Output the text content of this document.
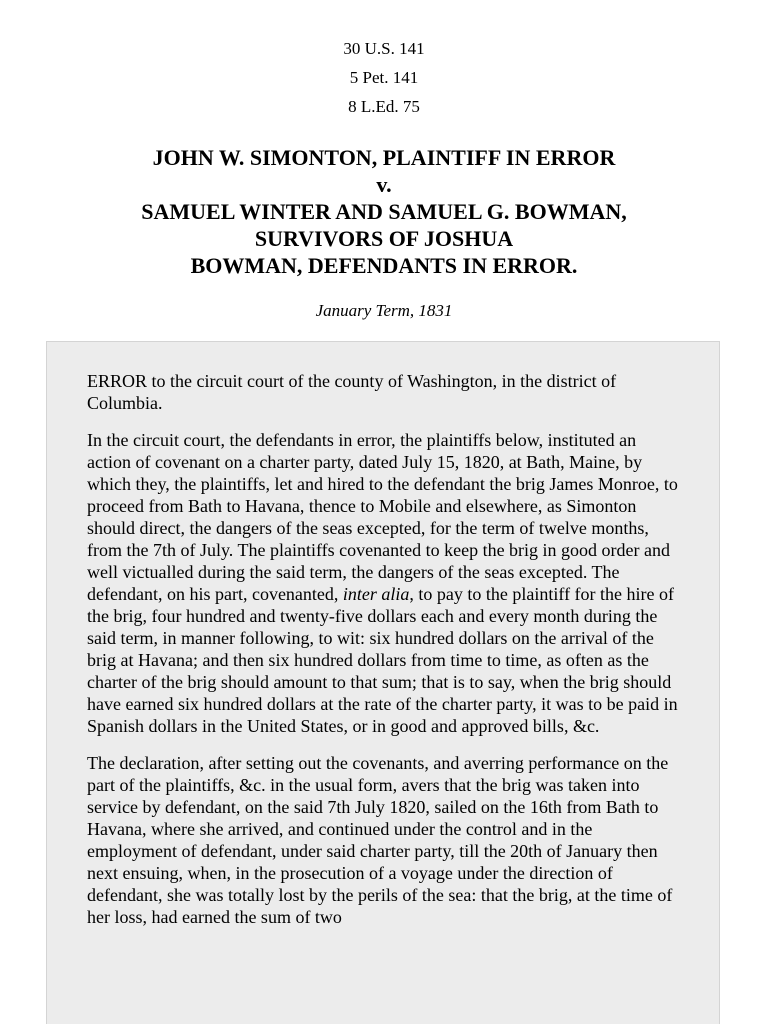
30 U.S. 141
5 Pet. 141
8 L.Ed. 75
JOHN W. SIMONTON, PLAINTIFF IN ERROR
v.
SAMUEL WINTER AND SAMUEL G. BOWMAN,
SURVIVORS OF JOSHUA
BOWMAN, DEFENDANTS IN ERROR.
January Term, 1831

ERROR to the circuit court of the county of Washington, in the district of Columbia.

In the circuit court, the defendants in error, the plaintiffs below, instituted an action of covenant on a charter party, dated July 15, 1820, at Bath, Maine, by which they, the plaintiffs, let and hired to the defendant the brig James Monroe, to proceed from Bath to Havana, thence to Mobile and elsewhere, as Simonton should direct, the dangers of the seas excepted, for the term of twelve months, from the 7th of July. The plaintiffs covenanted to keep the brig in good order and well victualled during the said term, the dangers of the seas excepted. The defendant, on his part, covenanted, inter alia, to pay to the plaintiff for the hire of the brig, four hundred and twenty-five dollars each and every month during the said term, in manner following, to wit: six hundred dollars on the arrival of the brig at Havana; and then six hundred dollars from time to time, as often as the charter of the brig should amount to that sum; that is to say, when the brig should have earned six hundred dollars at the rate of the charter party, it was to be paid in Spanish dollars in the United States, or in good and approved bills, &c.

The declaration, after setting out the covenants, and averring performance on the part of the plaintiffs, &c. in the usual form, avers that the brig was taken into service by defendant, on the said 7th July 1820, sailed on the 16th from Bath to Havana, where she arrived, and continued under the control and in the employment of defendant, under said charter party, till the 20th of January then next ensuing, when, in the prosecution of a voyage under the direction of defendant, she was totally lost by the perils of the sea: that the brig, at the time of her loss, had earned the sum of two
